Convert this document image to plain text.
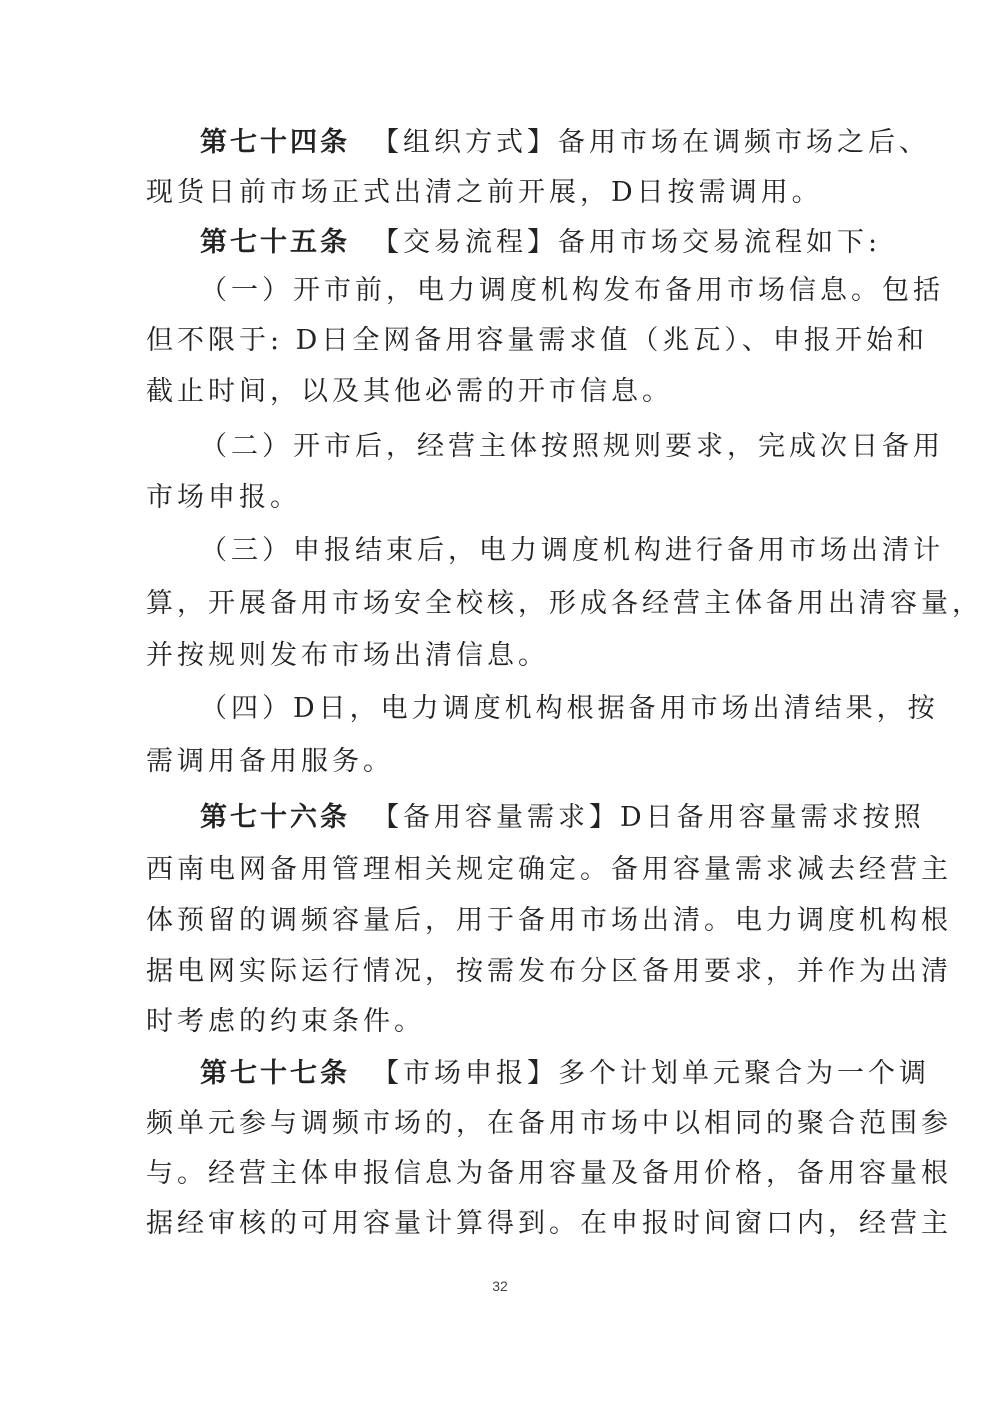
第七十四条 【组织方式】备用市场在调频市场之后、
现货日前市场正式出清之前开展，D日按需调用。
第七十五条 【交易流程】备用市场交易流程如下:
（一）开市前，电力调度机构发布备用市场信息。包括
但不限于: D日全网备用容量需求值（兆瓦）、申报开始和
截止时间，以及其他必需的开市信息。
（二）开市后，经营主体按照规则要求，完成次日备用
市场申报。
（三）申报结束后，电力调度机构进行备用市场出清计
算，开展备用市场安全校核，形成各经营主体备用出清容量，
并按规则发布市场出清信息。
（四）D日，电力调度机构根据备用市场出清结果，按
需调用备用服务。
第七十六条 【备用容量需求】D日备用容量需求按照
西南电网备用管理相关规定确定。备用容量需求减去经营主
体预留的调频容量后，用于备用市场出清。电力调度机构根
据电网实际运行情况，按需发布分区备用要求，并作为出清
时考虑的约束条件。
第七十七条 【市场申报】多个计划单元聚合为一个调
频单元参与调频市场的，在备用市场中以相同的聚合范围参
与。经营主体申报信息为备用容量及备用价格，备用容量根
据经审核的可用容量计算得到。在申报时间窗口内，经营主
32
